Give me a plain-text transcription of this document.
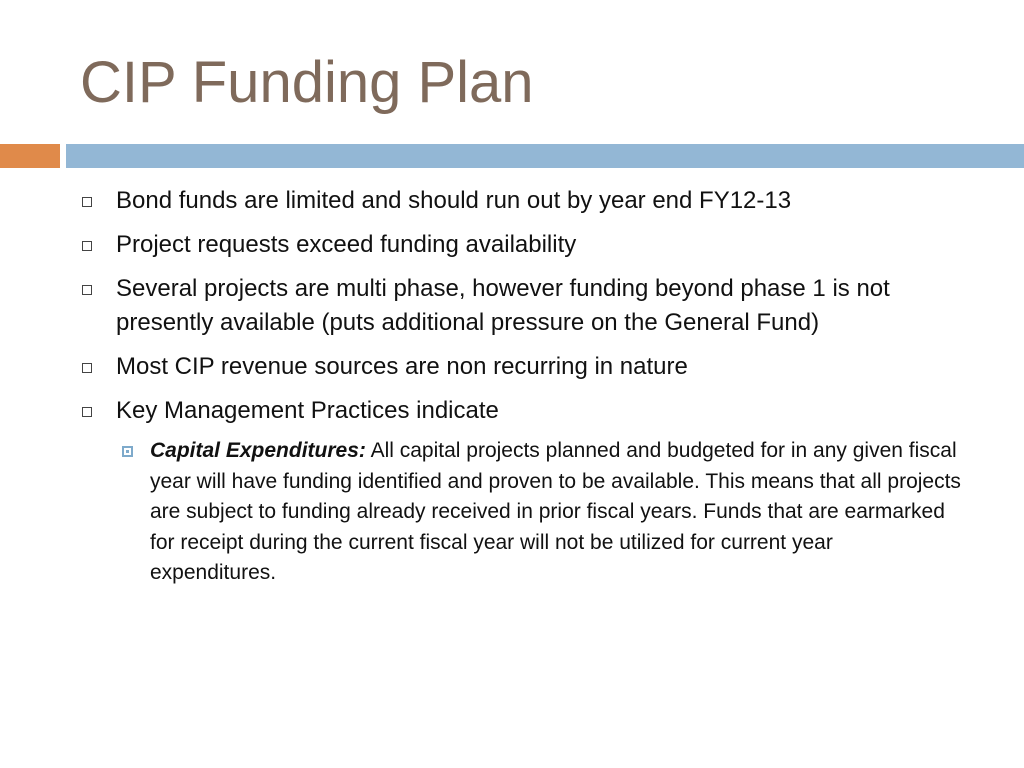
CIP Funding Plan
Bond funds are limited and should run out by year end FY12-13
Project requests exceed funding availability
Several projects are multi phase, however funding beyond phase 1 is not presently available (puts additional pressure on the General Fund)
Most CIP revenue sources are non recurring in nature
Key Management Practices indicate
Capital Expenditures: All capital projects planned and budgeted for in any given fiscal year will have funding identified and proven to be available. This means that all projects are subject to funding already received in prior fiscal years. Funds that are earmarked for receipt during the current fiscal year will not be utilized for current year expenditures.
